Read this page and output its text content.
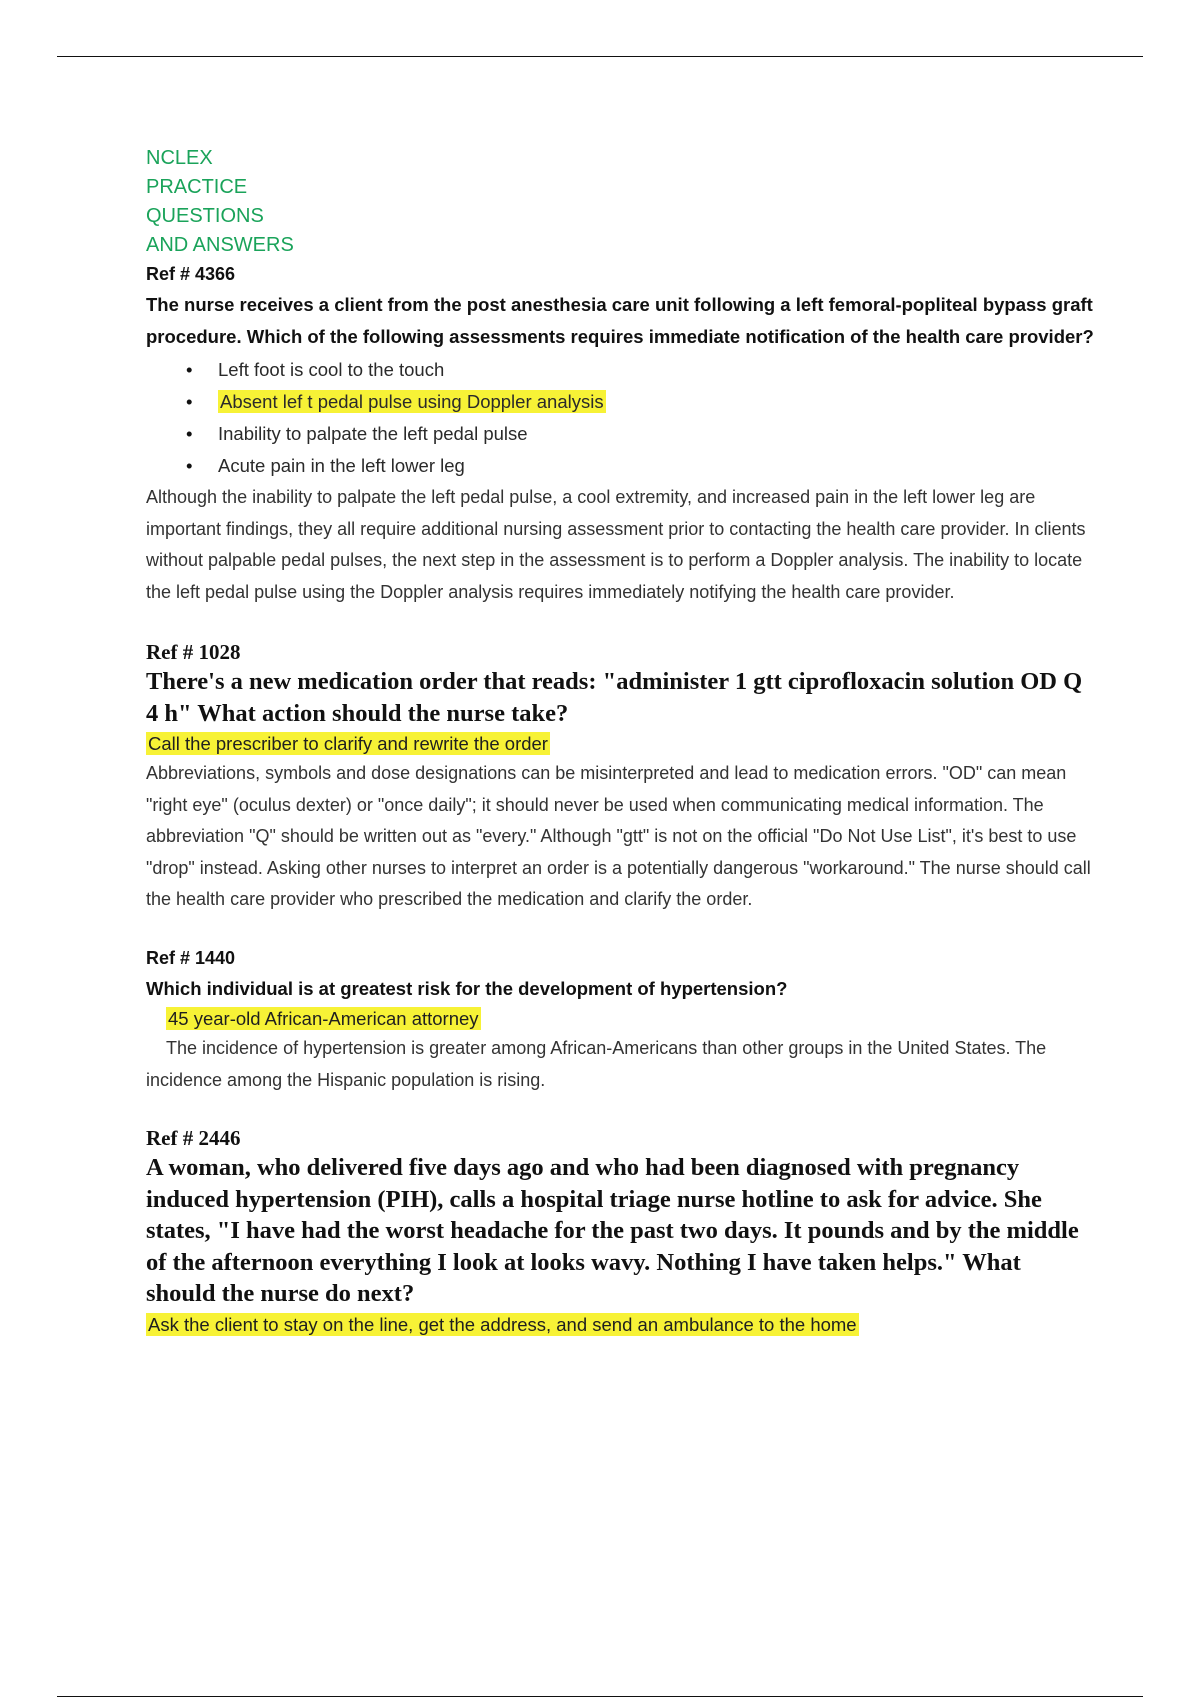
NCLEX
PRACTICE
QUESTIONS
AND ANSWERS
Ref # 4366

The nurse receives a client from the post anesthesia care unit following a left femoral-popliteal bypass graft procedure. Which of the following assessments requires immediate notification of the health care provider?

• Left foot is cool to the touch
• Absent lef t pedal pulse using Doppler analysis
• Inability to palpate the left pedal pulse
• Acute pain in the left lower leg

Although the inability to palpate the left pedal pulse, a cool extremity, and increased pain in the left lower leg are important findings, they all require additional nursing assessment prior to contacting the health care provider. In clients without palpable pedal pulses, the next step in the assessment is to perform a Doppler analysis. The inability to locate the left pedal pulse using the Doppler analysis requires immediately notifying the health care provider.

Ref # 1028

There's a new medication order that reads: "administer 1 gtt ciprofloxacin solution OD Q 4 h" What action should the nurse take?

Call the prescriber to clarify and rewrite the order

Abbreviations, symbols and dose designations can be misinterpreted and lead to medication errors. "OD" can mean "right eye" (oculus dexter) or "once daily"; it should never be used when communicating medical information. The abbreviation "Q" should be written out as "every." Although "gtt" is not on the official "Do Not Use List", it's best to use "drop" instead. Asking other nurses to interpret an order is a potentially dangerous "workaround." The nurse should call the health care provider who prescribed the medication and clarify the order.

Ref # 1440

Which individual is at greatest risk for the development of hypertension?

45 year-old African-American attorney

The incidence of hypertension is greater among African-Americans than other groups in the United States. The incidence among the Hispanic population is rising.

Ref # 2446

A woman, who delivered five days ago and who had been diagnosed with pregnancy induced hypertension (PIH), calls a hospital triage nurse hotline to ask for advice. She states, "I have had the worst headache for the past two days. It pounds and by the middle of the afternoon everything I look at looks wavy. Nothing I have taken helps." What should the nurse do next?

Ask the client to stay on the line, get the address, and send an ambulance to the home
